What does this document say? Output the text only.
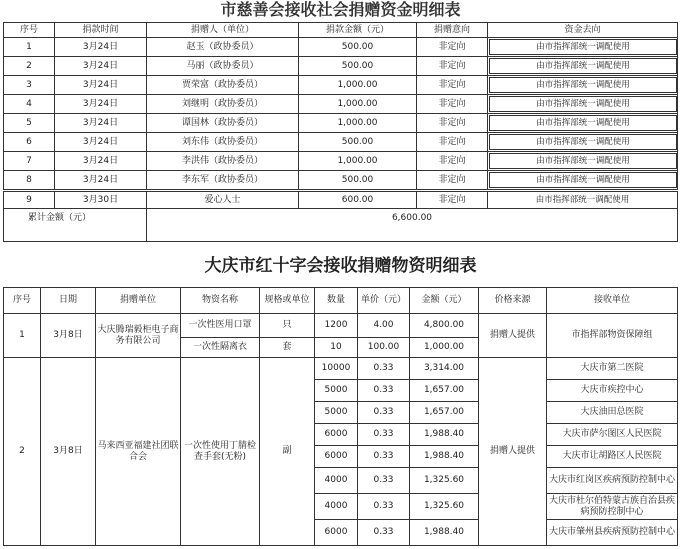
市慈善会接收社会捐赠资金明细表
序号	捐款时间	捐赠人（单位）	捐款金额（元）	捐赠意向	资金去向
1	3月24日	赵玉（政协委员）	500.00	非定向	由市指挥部统一调配使用

2	3月24日	马丽（政协委员）	500.00	非定向	由市指挥部统一调配使用

3	3月24日	贾荣富（政协委员）	1,000.00	非定向	由市指挥部统一调配使用

4	3月24日	刘继明（政协委员）	1,000.00	非定向	由市指挥部统一调配使用

5	3月24日	谭国林（政协委员）	1,000.00	非定向	由市指挥部统一调配使用

6	3月24日	刘东伟（政协委员）	500.00	非定向	由市指挥部统一调配使用

7	3月24日	李洪伟（政协委员）	1,000.00	非定向	由市指挥部统一调配使用

8	3月24日	李东军（政协委员）	500.00	非定向	由市指挥部统一调配使用
9	3月30日	爱心人士	600.00	非定向	由市指挥部统一调配使用
累计金额（元）		6,600.00			
大庆市红十字会接收捐赠物资明细表
序号	日期	捐赠单位	物资名称	规格或单位	数量	单价（元）	金额（元）	价格来源	接收单位
1	3月8日	大庆腾瑞毅柜电子商务有限公司	一次性医用口罩	只	1200	4.00	4,800.00	捐赠人提供	市指挥部物资保障组
			一次性隔离衣	套	10	100.00	1,000.00		
2	3月8日	马来西亚福建社团联合会	一次性使用丁腈检查手套(无粉)	副	10000	0.33	3,314.00	捐赠人提供	大庆市第二医院
					5000	0.33	1,657.00		大庆市疾控中心
					5000	0.33	1,657.00		大庆油田总医院
					6000	0.33	1,988.40		大庆市萨尔图区人民医院
					6000	0.33	1,988.40		大庆市让胡路区人民医院
					4000	0.33	1,325.60		大庆市红岗区疾病预防控制中心
					4000	0.33	1,325.60		大庆市杜尔伯特蒙古族自治县疾病预防控制中心
					6000	0.33	1,988.40		大庆市肇州县疾病预防控制中心
